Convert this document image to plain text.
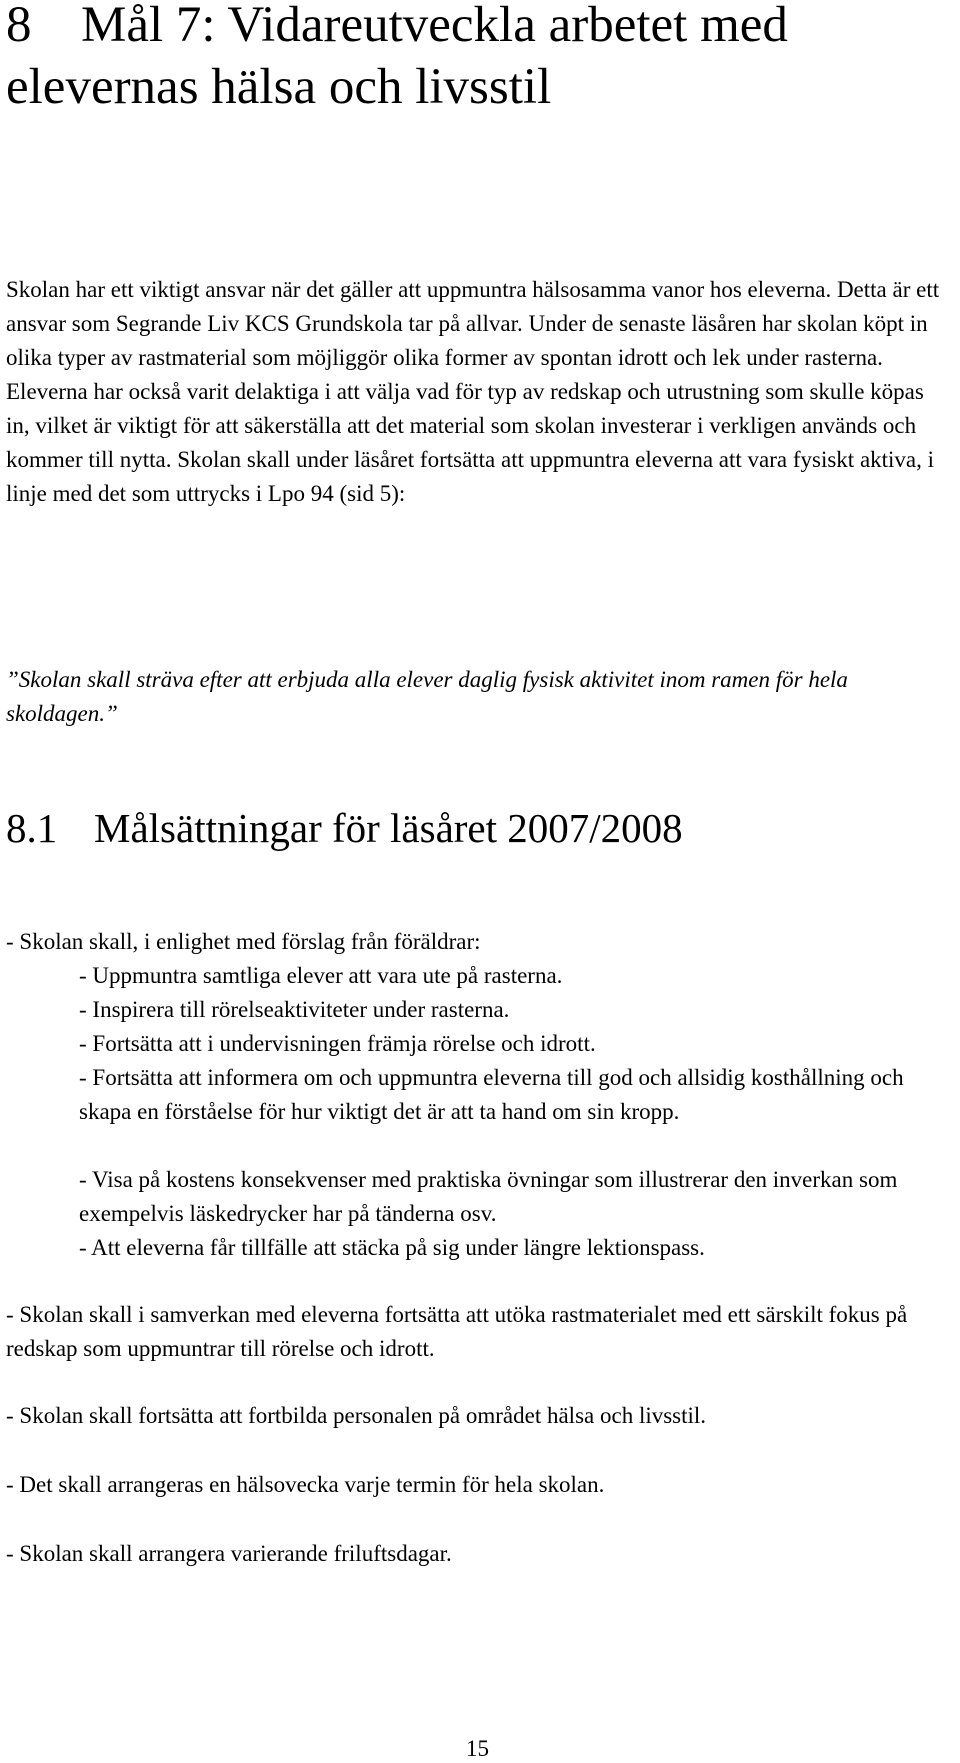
8 Mål 7: Vidareutveckla arbetet med
elevernas hälsa och livsstil

Skolan har ett viktigt ansvar när det gäller att uppmuntra hälsosamma vanor hos eleverna. Detta är ett ansvar som Segrande Liv KCS Grundskola tar på allvar. Under de senaste läsåren har skolan köpt in olika typer av rastmaterial som möjliggör olika former av spontan idrott och lek under rasterna. Eleverna har också varit delaktiga i att välja vad för typ av redskap och utrustning som skulle köpas in, vilket är viktigt för att säkerställa att det material som skolan investerar i verkligen används och kommer till nytta. Skolan skall under läsåret fortsätta att uppmuntra eleverna att vara fysiskt aktiva, i linje med det som uttrycks i Lpo 94 (sid 5):

”Skolan skall sträva efter att erbjuda alla elever daglig fysisk aktivitet inom ramen för hela skoldagen.”

8.1 Målsättningar för läsåret 2007/2008

- Skolan skall, i enlighet med förslag från föräldrar:

- Uppmuntra samtliga elever att vara ute på rasterna.

- Inspirera till rörelseaktiviteter under rasterna.

- Fortsätta att i undervisningen främja rörelse och idrott.

- Fortsätta att informera om och uppmuntra eleverna till god och allsidig kosthållning och skapa en förståelse för hur viktigt det är att ta hand om sin kropp.

- Visa på kostens konsekvenser med praktiska övningar som illustrerar den inverkan som exempelvis läskedrycker har på tänderna osv.

- Att eleverna får tillfälle att stäcka på sig under längre lektionspass.

- Skolan skall i samverkan med eleverna fortsätta att utöka rastmaterialet med ett särskilt fokus på redskap som uppmuntrar till rörelse och idrott.

- Skolan skall fortsätta att fortbilda personalen på området hälsa och livsstil.

- Det skall arrangeras en hälsovecka varje termin för hela skolan.

- Skolan skall arrangera varierande friluftsdagar.

15
